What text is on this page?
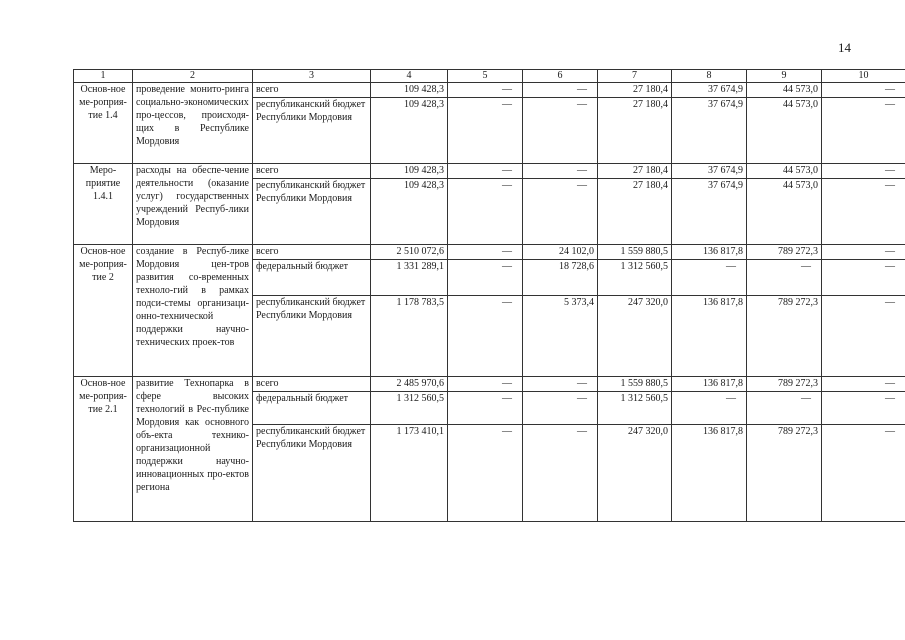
14
1	2	3	4	5	6	7	8	9	10
Основ-ное ме-роприя-тие 1.4	проведение монито-ринга социально-экономических про-цессов, происходя-щих в Республике Мордовия	всего	109 428,3	—	—	27 180,4	37 674,9	44 573,0	—
		республиканский бюджет Республики Мордовия	109 428,3	—	—	27 180,4	37 674,9	44 573,0	—
Меро-приятие 1.4.1	расходы на обеспе-чение деятельности (оказание услуг) государственных учреждений Респуб-лики Мордовия	всего	109 428,3	—	—	27 180,4	37 674,9	44 573,0	—
		республиканский бюджет Республики Мордовия	109 428,3	—	—	27 180,4	37 674,9	44 573,0	—
Основ-ное ме-роприя-тие 2	создание в Респуб-лике Мордовия цен-тров развития со-временных техноло-гий в рамках подси-стемы организаци-онно-технической поддержки научно-технических проек-тов	всего	2 510 072,6	—	24 102,0	1 559 880,5	136 817,8	789 272,3	—
		федеральный бюджет	1 331 289,1	—	18 728,6	1 312 560,5	—	—	—
		республиканский бюджет Республики Мордовия	1 178 783,5	—	5 373,4	247 320,0	136 817,8	789 272,3	—
Основ-ное ме-роприя-тие 2.1	развитие Технопарка в сфере высоких технологий в Рес-публике Мордовия как основного объ-екта технико-организационной поддержки научно-инновационных про-ектов региона	всего	2 485 970,6	—	—	1 559 880,5	136 817,8	789 272,3	—
		федеральный бюджет	1 312 560,5	—	—	1 312 560,5	—	—	—
		республиканский бюджет Республики Мордовия	1 173 410,1	—	—	247 320,0	136 817,8	789 272,3	—
